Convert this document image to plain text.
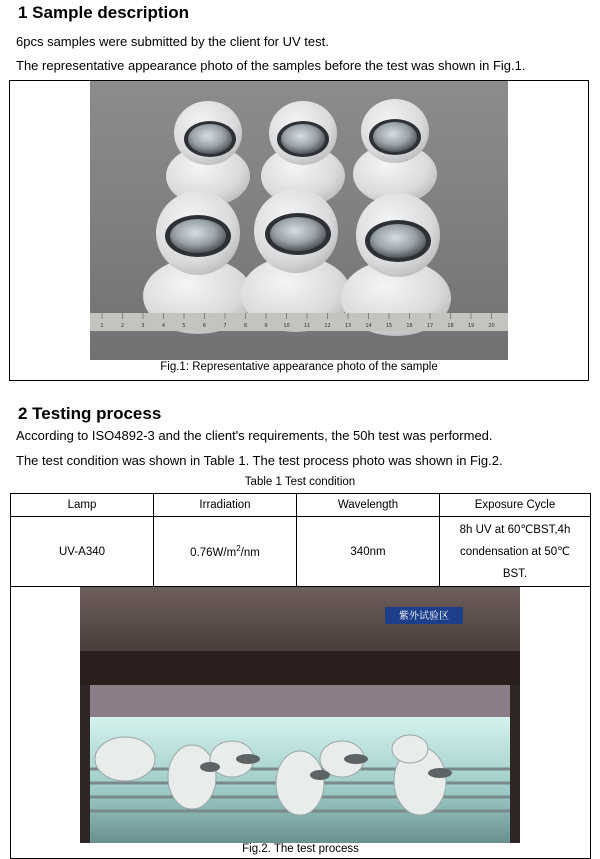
1 Sample description
6pcs samples were submitted by the client for UV test.
The representative appearance photo of the samples before the test was shown in Fig.1.
1	2	3	4	5	6	7	8	9	10	11	12	13	14	15	16	17	18	19	20
Fig.1: Representative appearance photo of the sample
2 Testing process
According to ISO4892-3 and the client's requirements, the 50h test was performed.
The test condition was shown in Table 1. The test process photo was shown in Fig.2.
Table 1 Test condition
Lamp	Irradiation	Wavelength	Exposure Cycle
UV-A340	$0.76W/m^2/nm$	340nm	8h UV at 60℃BST,4h
condensation at 50℃
BST.
紫外试验区
Fig.2. The test process
